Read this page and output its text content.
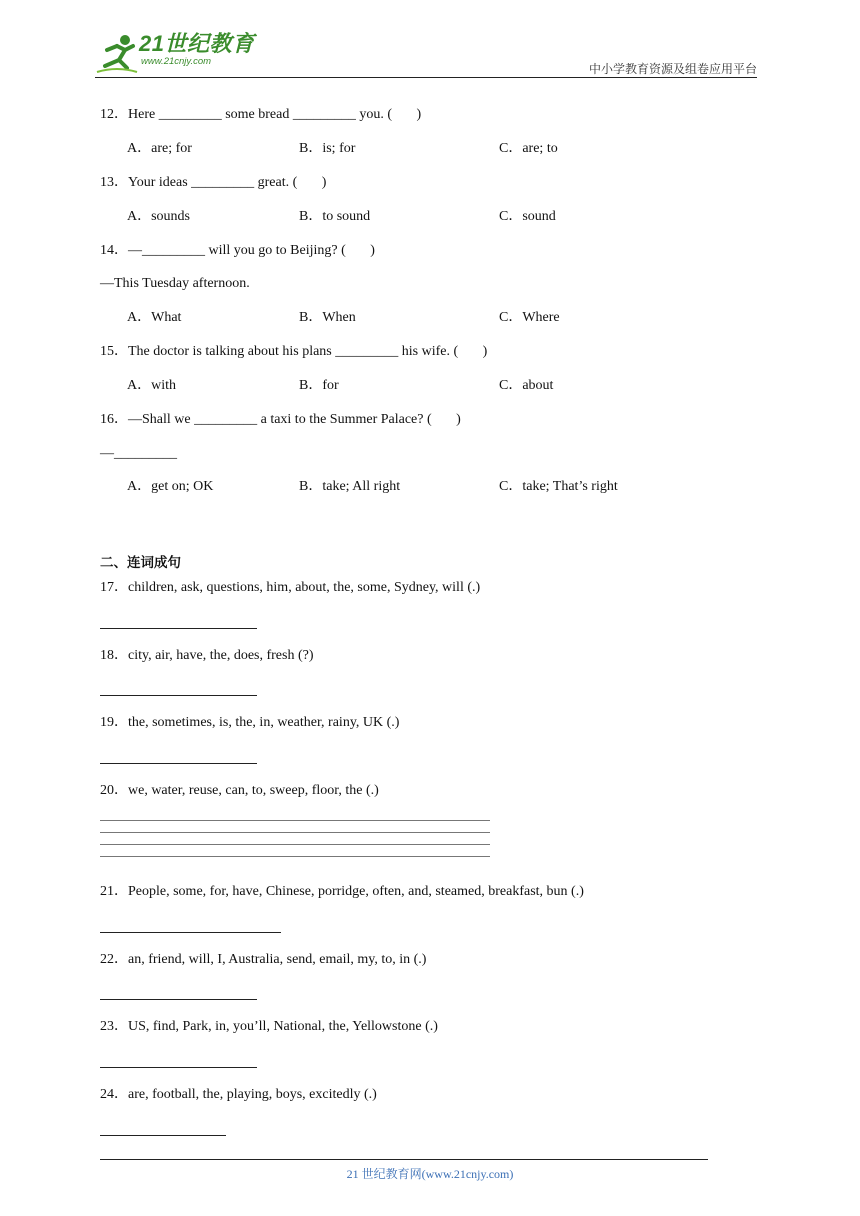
21世纪教育
www.21cnjy.com
中小学教育资源及组卷应用平台
12．Here _________ some bread _________ you. (       )
A．are; for	B．is; for	C．are; to
13．Your ideas _________ great. (       )
A．sounds	B．to sound	C．sound
14．—_________ will you go to Beijing? (       )
—This Tuesday afternoon.
A．What	B．When	C．Where
15．The doctor is talking about his plans _________ his wife. (       )
A．with	B．for	C．about
16．—Shall we _________ a taxi to the Summer Palace? (       )
—_________
A．get on; OK	B．take; All right	C．take; That’s right
二、连词成句
17．children, ask, questions, him, about, the, some, Sydney, will (.)
18．city, air, have, the, does, fresh (?)
19．the, sometimes, is, the, in, weather, rainy, UK (.)
20．we, water, reuse, can, to, sweep, floor, the (.)
21．People, some, for, have, Chinese, porridge, often, and, steamed, breakfast, bun (.)
22．an, friend, will, I, Australia, send, email, my, to, in (.)
23．US, find, Park, in, you’ll, National, the, Yellowstone (.)
24．are, football, the, playing, boys, excitedly (.)
21 世纪教育网(www.21cnjy.com)
